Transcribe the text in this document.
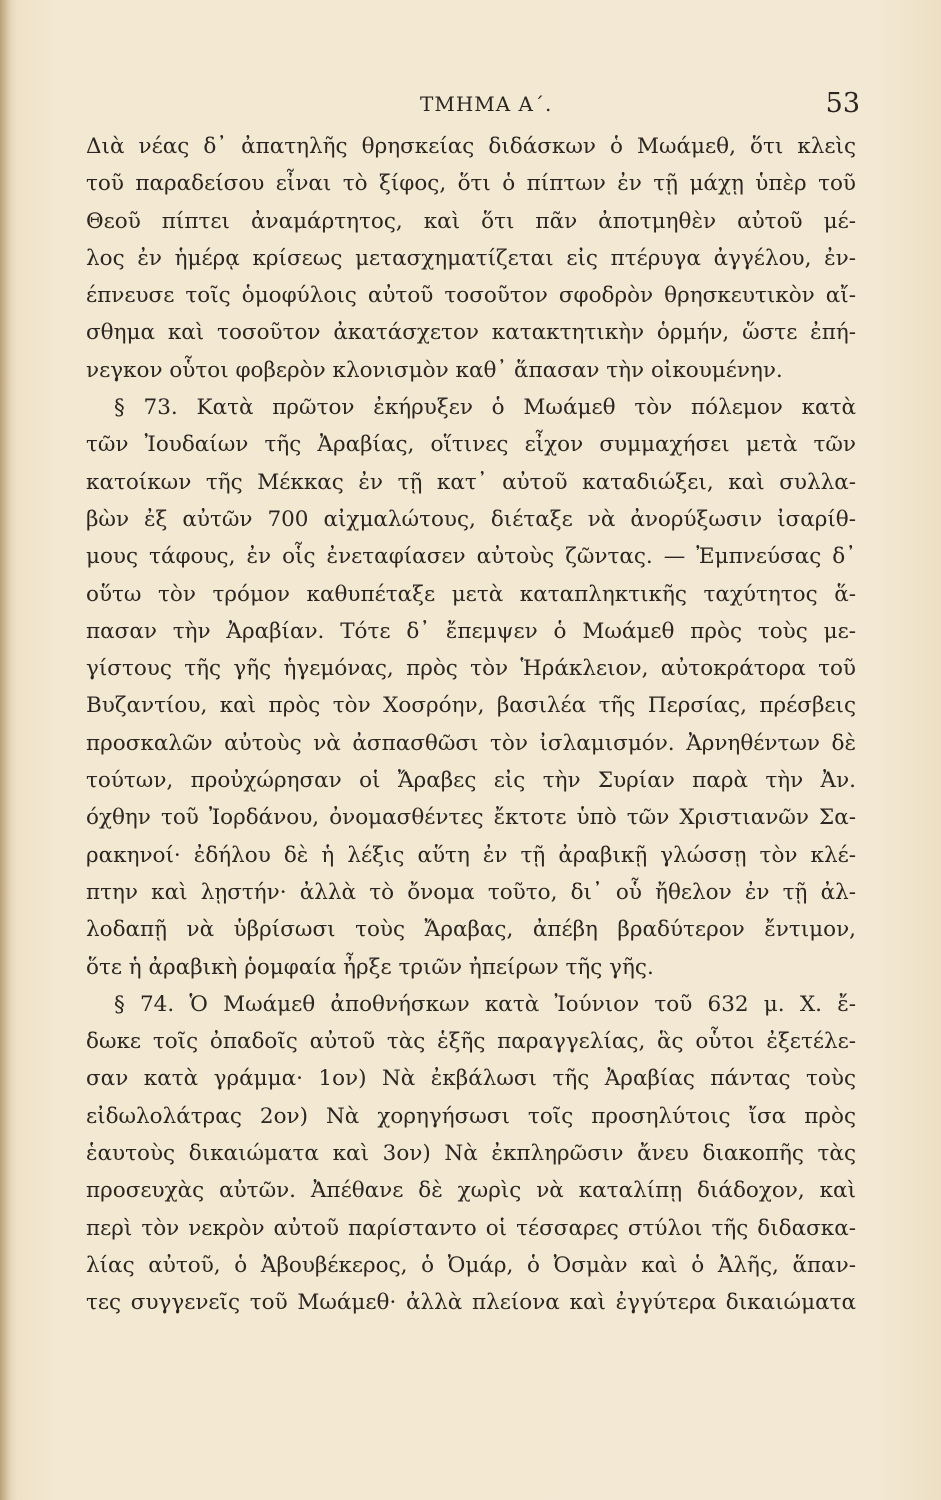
ΤΜΗΜΑ Α΄.	53
Διὰ νέας δ᾽ ἀπατηλῆς θρησκείας διδάσκων ὁ Μωάμεθ, ὅτι κλεὶς
τοῦ παραδείσου εἶναι τὸ ξίφος, ὅτι ὁ πίπτων ἐν τῇ μάχῃ ὑπὲρ τοῦ
Θεοῦ πίπτει ἀναμάρτητος, καὶ ὅτι πᾶν ἀποτμηθὲν αὐτοῦ μέ-
λος ἐν ἡμέρᾳ κρίσεως μετασχηματίζεται εἰς πτέρυγα ἀγγέλου, ἐν-
έπνευσε τοῖς ὁμοφύλοις αὐτοῦ τοσοῦτον σφοδρὸν θρησκευτικὸν αἴ-
σθημα καὶ τοσοῦτον ἀκατάσχετον κατακτητικὴν ὁρμήν, ὥστε ἐπή-
νεγκον οὗτοι φοβερὸν κλονισμὸν καθ᾽ ἅπασαν τὴν οἰκουμένην.
§ 73. Κατὰ πρῶτον ἐκήρυξεν ὁ Μωάμεθ τὸν πόλεμον κατὰ
τῶν Ἰουδαίων τῆς Ἀραβίας, οἵτινες εἶχον συμμαχήσει μετὰ τῶν
κατοίκων τῆς Μέκκας ἐν τῇ κατ᾽ αὐτοῦ καταδιώξει, καὶ συλλα-
βὼν ἐξ αὐτῶν 700 αἰχμαλώτους, διέταξε νὰ ἀνορύξωσιν ἰσαρίθ-
μους τάφους, ἐν οἷς ἐνεταφίασεν αὐτοὺς ζῶντας. — Ἐμπνεύσας δ᾽
οὕτω τὸν τρόμον καθυπέταξε μετὰ καταπληκτικῆς ταχύτητος ἅ-
πασαν τὴν Ἀραβίαν. Τότε δ᾽ ἔπεμψεν ὁ Μωάμεθ πρὸς τοὺς με-
γίστους τῆς γῆς ἡγεμόνας, πρὸς τὸν Ἡράκλειον, αὐτοκράτορα τοῦ
Βυζαντίου, καὶ πρὸς τὸν Χοσρόην, βασιλέα τῆς Περσίας, πρέσβεις
προσκαλῶν αὐτοὺς νὰ ἀσπασθῶσι τὸν ἰσλαμισμόν. Ἀρνηθέντων δὲ
τούτων, προὐχώρησαν οἱ Ἄραβες εἰς τὴν Συρίαν παρὰ τὴν Ἀν.
όχθην τοῦ Ἰορδάνου, ὀνομασθέντες ἔκτοτε ὑπὸ τῶν Χριστιανῶν Σα-
ρακηνοί· ἐδήλου δὲ ἡ λέξις αὕτη ἐν τῇ ἀραβικῇ γλώσσῃ τὸν κλέ-
πτην καὶ λῃστήν· ἀλλὰ τὸ ὄνομα τοῦτο, δι᾽ οὗ ἤθελον ἐν τῇ ἀλ-
λοδαπῇ νὰ ὑβρίσωσι τοὺς Ἄραβας, ἀπέβη βραδύτερον ἔντιμον,
ὅτε ἡ ἀραβικὴ ῥομφαία ἦρξε τριῶν ἠπείρων τῆς γῆς.
§ 74. Ὁ Μωάμεθ ἀποθνήσκων κατὰ Ἰούνιον τοῦ 632 μ. Χ. ἔ-
δωκε τοῖς ὀπαδοῖς αὐτοῦ τὰς ἑξῆς παραγγελίας, ἃς οὗτοι ἐξετέλε-
σαν κατὰ γράμμα· 1ον) Νὰ ἐκβάλωσι τῆς Ἀραβίας πάντας τοὺς
εἰδωλολάτρας 2ον) Νὰ χορηγήσωσι τοῖς προσηλύτοις ἴσα πρὸς
ἑαυτοὺς δικαιώματα καὶ 3ον) Νὰ ἐκπληρῶσιν ἄνευ διακοπῆς τὰς
προσευχὰς αὐτῶν. Ἀπέθανε δὲ χωρὶς νὰ καταλίπῃ διάδοχον, καὶ
περὶ τὸν νεκρὸν αὐτοῦ παρίσταντο οἱ τέσσαρες στύλοι τῆς διδασκα-
λίας αὐτοῦ, ὁ Ἀβουβέκερος, ὁ Ὀμάρ, ὁ Ὀσμὰν καὶ ὁ Ἀλῆς, ἅπαν-
τες συγγενεῖς τοῦ Μωάμεθ· ἀλλὰ πλείονα καὶ ἐγγύτερα δικαιώματα
